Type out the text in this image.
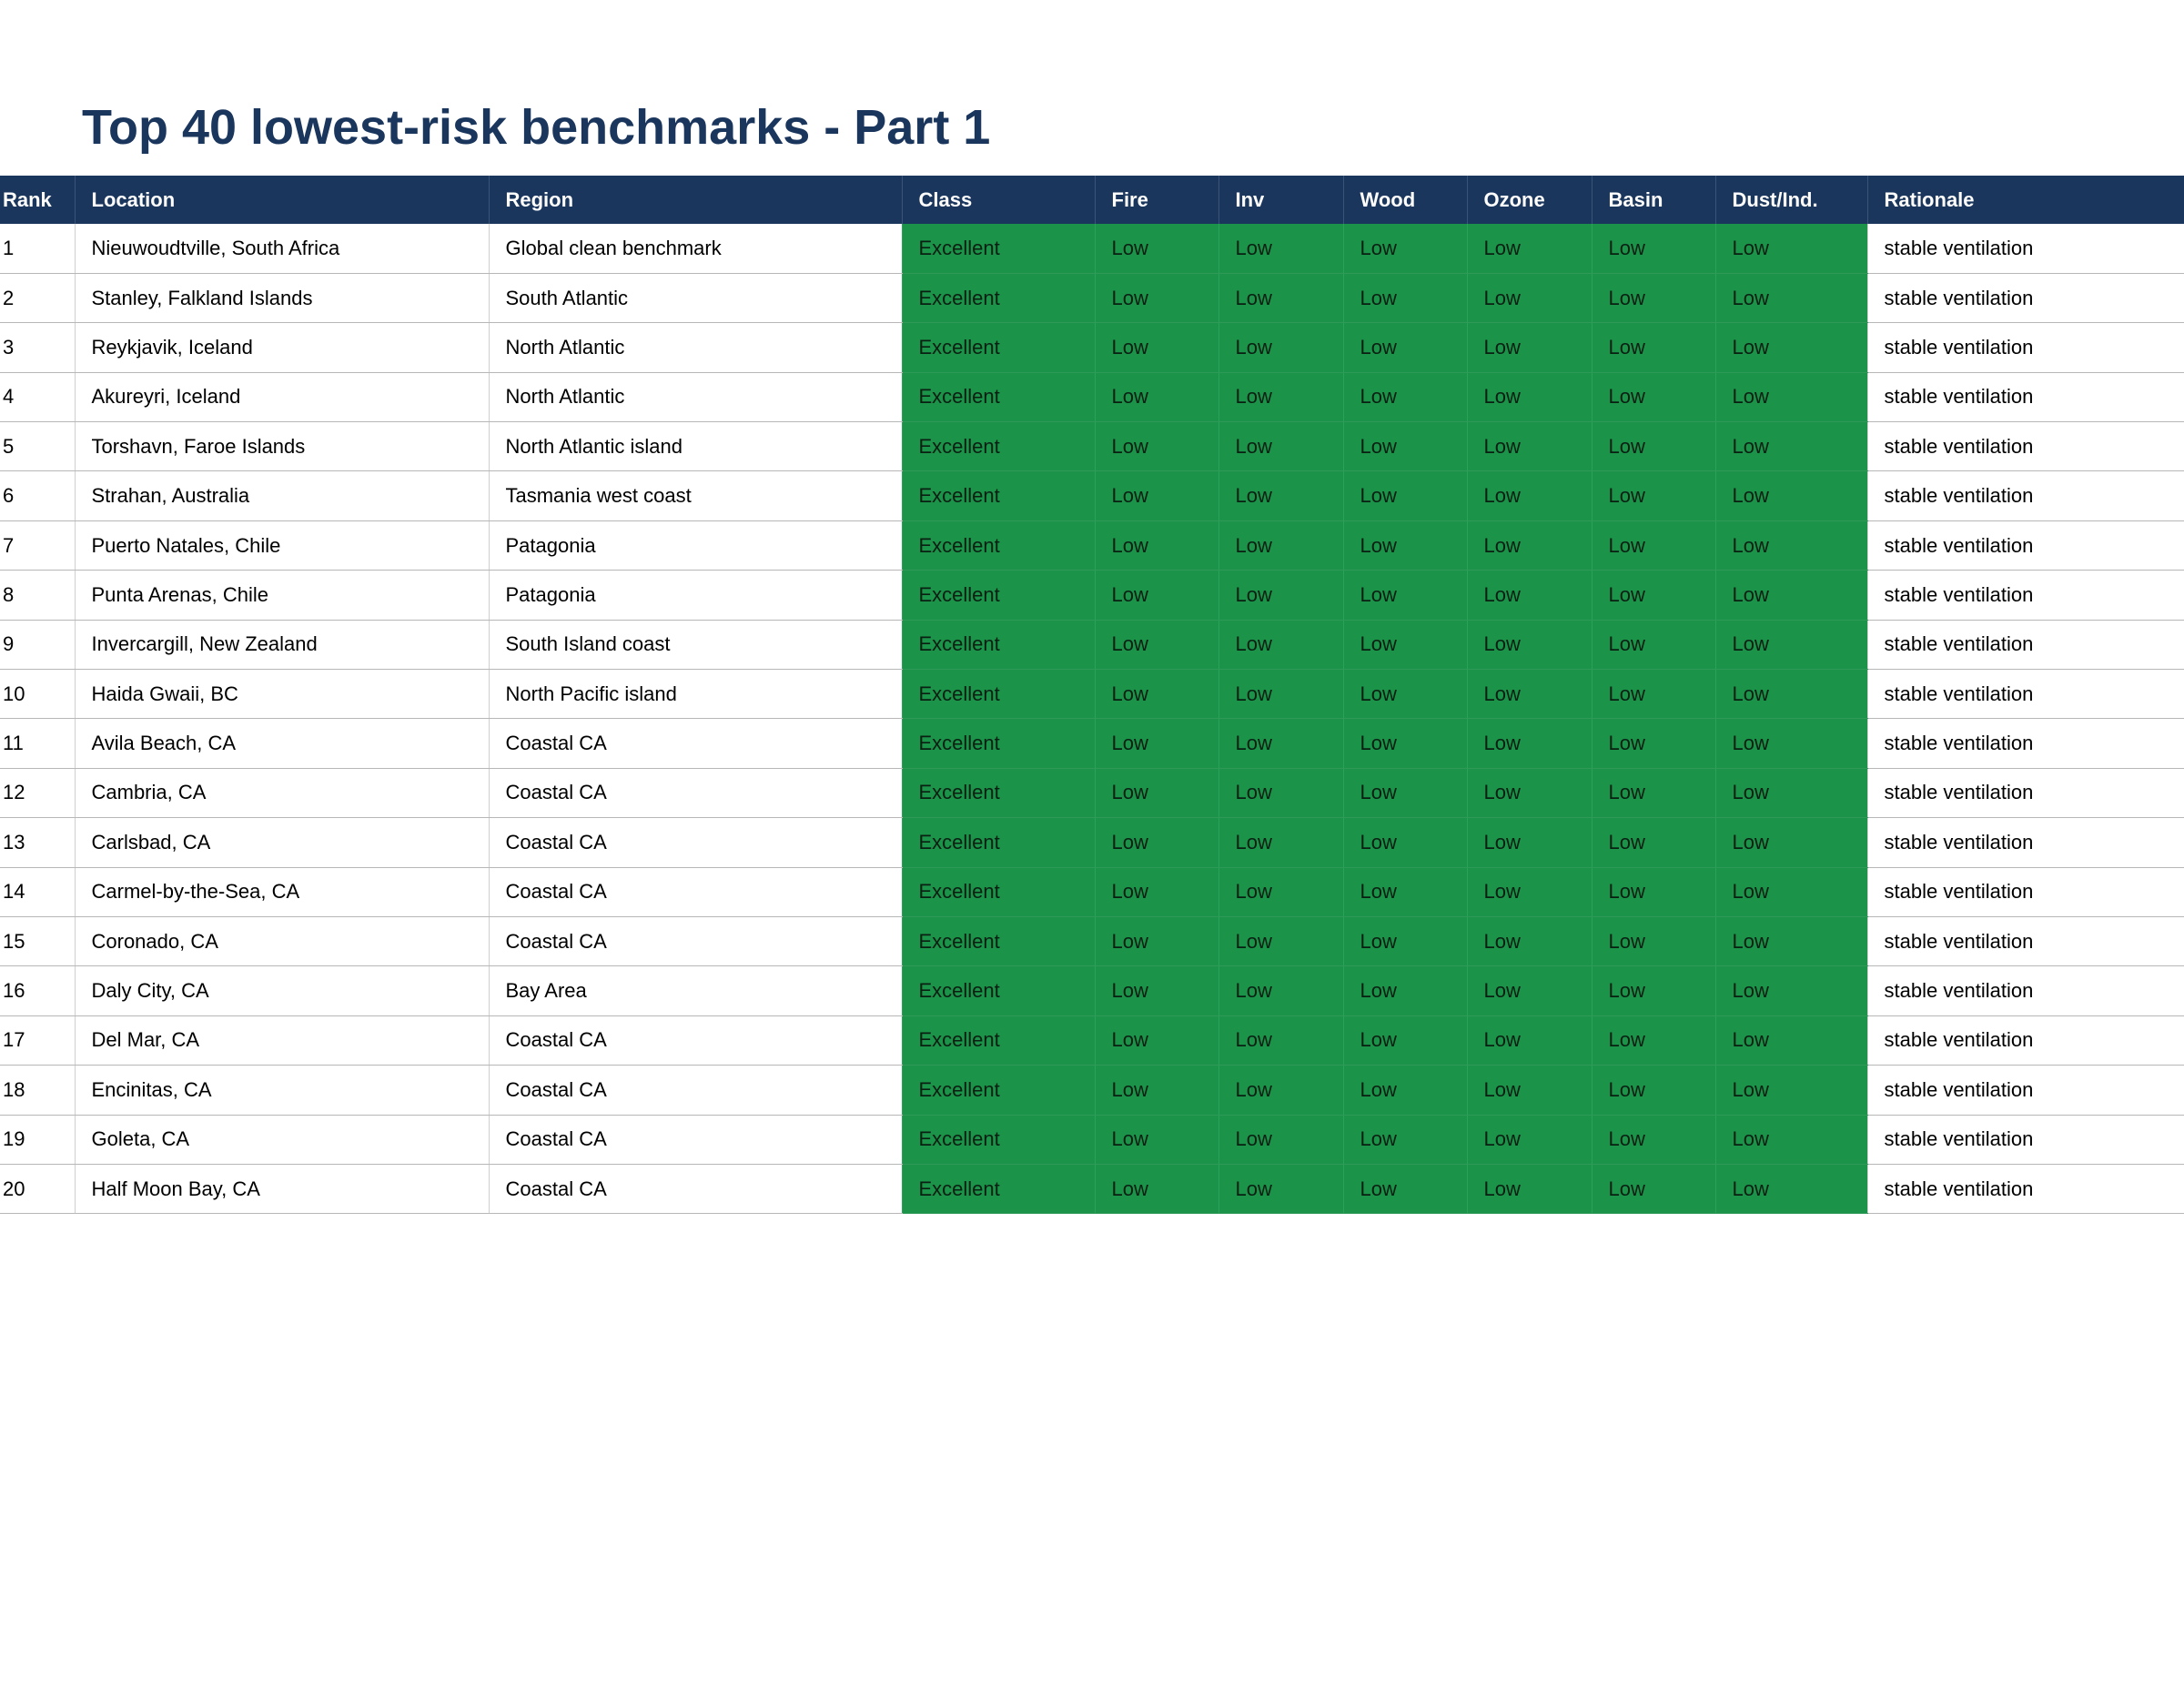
Top 40 lowest-risk benchmarks - Part 1
Rank	Location	Region	Class	Fire	Inv	Wood	Ozone	Basin	Dust/Ind.	Rationale
1	Nieuwoudtville, South Africa	Global clean benchmark	Excellent	Low	Low	Low	Low	Low	Low	stable ventilation
2	Stanley, Falkland Islands	South Atlantic	Excellent	Low	Low	Low	Low	Low	Low	stable ventilation
3	Reykjavik, Iceland	North Atlantic	Excellent	Low	Low	Low	Low	Low	Low	stable ventilation
4	Akureyri, Iceland	North Atlantic	Excellent	Low	Low	Low	Low	Low	Low	stable ventilation
5	Torshavn, Faroe Islands	North Atlantic island	Excellent	Low	Low	Low	Low	Low	Low	stable ventilation
6	Strahan, Australia	Tasmania west coast	Excellent	Low	Low	Low	Low	Low	Low	stable ventilation
7	Puerto Natales, Chile	Patagonia	Excellent	Low	Low	Low	Low	Low	Low	stable ventilation
8	Punta Arenas, Chile	Patagonia	Excellent	Low	Low	Low	Low	Low	Low	stable ventilation
9	Invercargill, New Zealand	South Island coast	Excellent	Low	Low	Low	Low	Low	Low	stable ventilation
10	Haida Gwaii, BC	North Pacific island	Excellent	Low	Low	Low	Low	Low	Low	stable ventilation
11	Avila Beach, CA	Coastal CA	Excellent	Low	Low	Low	Low	Low	Low	stable ventilation
12	Cambria, CA	Coastal CA	Excellent	Low	Low	Low	Low	Low	Low	stable ventilation
13	Carlsbad, CA	Coastal CA	Excellent	Low	Low	Low	Low	Low	Low	stable ventilation
14	Carmel-by-the-Sea, CA	Coastal CA	Excellent	Low	Low	Low	Low	Low	Low	stable ventilation
15	Coronado, CA	Coastal CA	Excellent	Low	Low	Low	Low	Low	Low	stable ventilation
16	Daly City, CA	Bay Area	Excellent	Low	Low	Low	Low	Low	Low	stable ventilation
17	Del Mar, CA	Coastal CA	Excellent	Low	Low	Low	Low	Low	Low	stable ventilation
18	Encinitas, CA	Coastal CA	Excellent	Low	Low	Low	Low	Low	Low	stable ventilation
19	Goleta, CA	Coastal CA	Excellent	Low	Low	Low	Low	Low	Low	stable ventilation
20	Half Moon Bay, CA	Coastal CA	Excellent	Low	Low	Low	Low	Low	Low	stable ventilation
